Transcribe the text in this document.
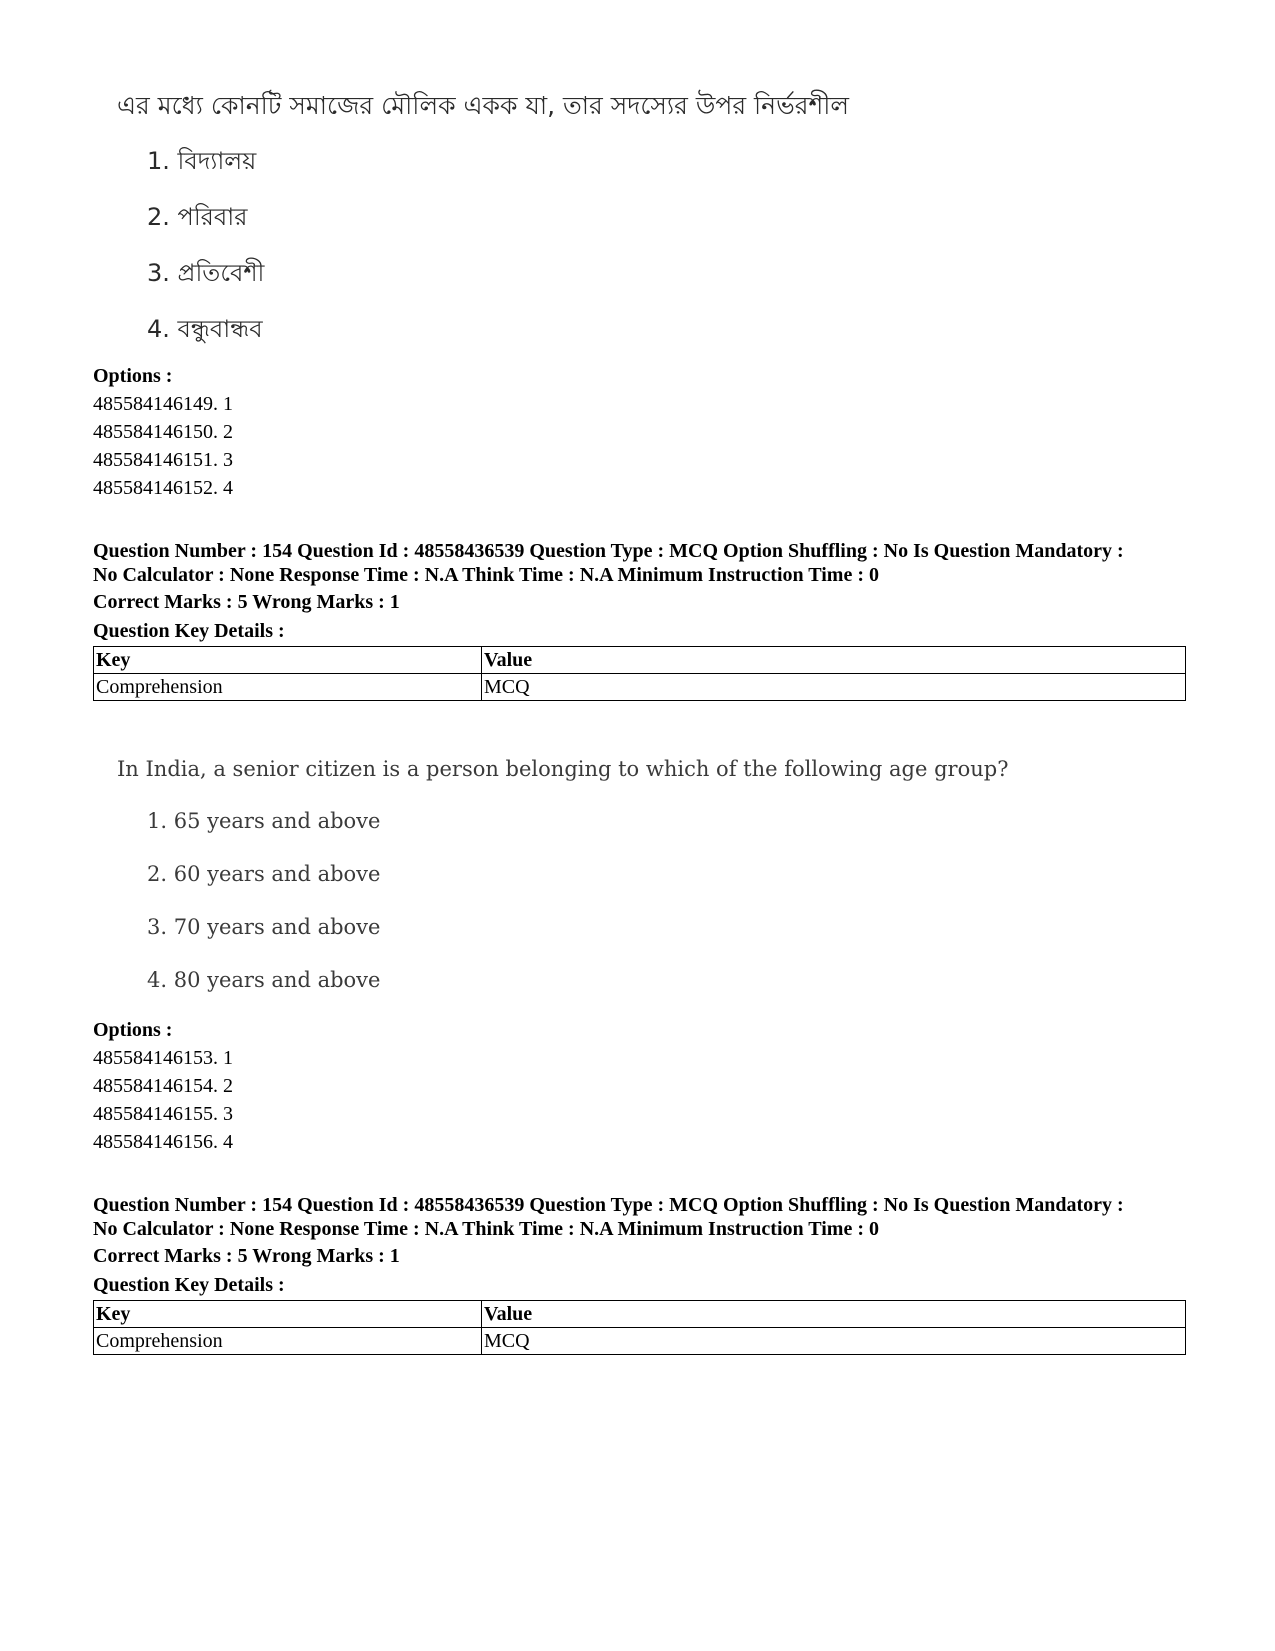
এর মধ্যে কোনটি সমাজের মৌলিক একক যা, তার সদস্যের উপর নির্ভরশীল
1. বিদ্যালয়
2. পরিবার
3. প্রতিবেশী
4. বন্ধুবান্ধব
Options :
485584146149. 1
485584146150. 2
485584146151. 3
485584146152. 4
Question Number : 154 Question Id : 48558436539 Question Type : MCQ Option Shuffling : No Is Question Mandatory :
No Calculator : None Response Time : N.A Think Time : N.A Minimum Instruction Time : 0
Correct Marks : 5 Wrong Marks : 1
Question Key Details :
Key	Value
Comprehension	MCQ
In India, a senior citizen is a person belonging to which of the following age group?
1. 65 years and above
2. 60 years and above
3. 70 years and above
4. 80 years and above
Options :
485584146153. 1
485584146154. 2
485584146155. 3
485584146156. 4
Question Number : 154 Question Id : 48558436539 Question Type : MCQ Option Shuffling : No Is Question Mandatory :
No Calculator : None Response Time : N.A Think Time : N.A Minimum Instruction Time : 0
Correct Marks : 5 Wrong Marks : 1
Question Key Details :
Key	Value
Comprehension	MCQ
